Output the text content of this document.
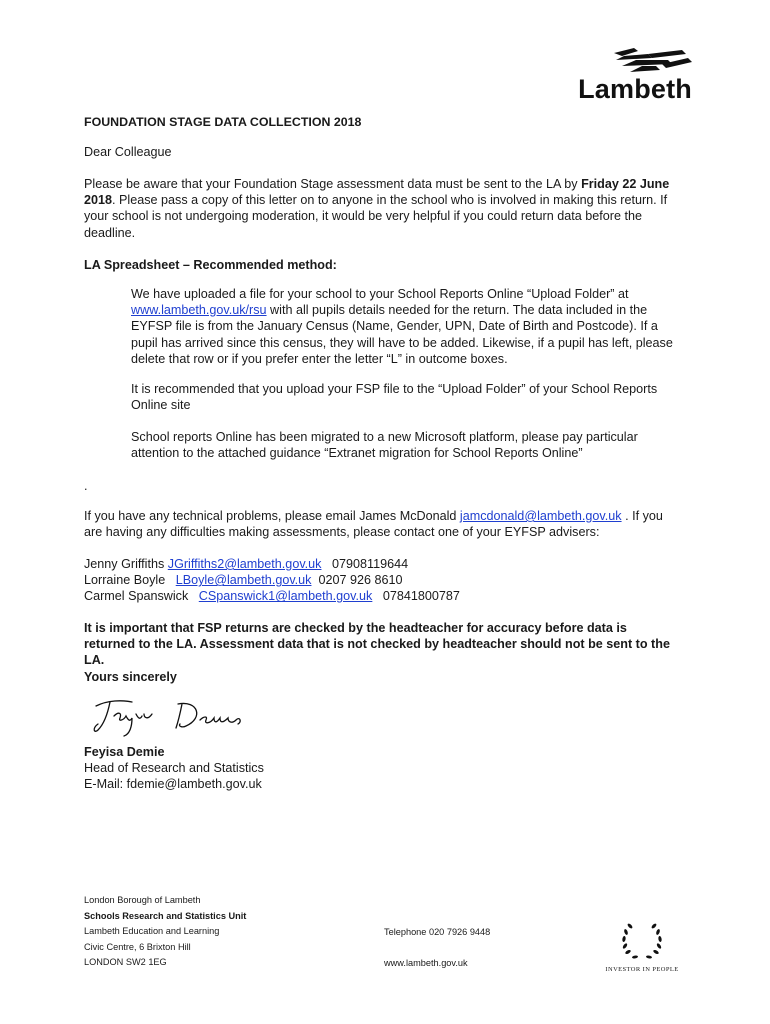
Lambeth
FOUNDATION STAGE DATA COLLECTION 2018
Dear Colleague
Please be aware that your Foundation Stage assessment data must be sent to the LA by Friday 22 June 2018. Please pass a copy of this letter on to anyone in the school who is involved in making this return. If your school is not undergoing moderation, it would be very helpful if you could return data before the deadline.
LA Spreadsheet – Recommended method:
We have uploaded a file for your school to your School Reports Online “Upload Folder” at www.lambeth.gov.uk/rsu with all pupils details needed for the return. The data included in the EYFSP file is from the January Census (Name, Gender, UPN, Date of Birth and Postcode). If a pupil has arrived since this census, they will have to be added. Likewise, if a pupil has left, please delete that row or if you prefer enter the letter “L” in outcome boxes.
It is recommended that you upload your FSP file to the “Upload Folder” of your School Reports Online site
School reports Online has been migrated to a new Microsoft platform, please pay particular attention to the attached guidance “Extranet migration for School Reports Online”
.
If you have any technical problems, please email James McDonald jamcdonald@lambeth.gov.uk . If you are having any difficulties making assessments, please contact one of your EYFSP advisers:
Jenny Griffiths JGriffiths2@lambeth.gov.uk 07908119644
Lorraine Boyle LBoyle@lambeth.gov.uk 0207 926 8610
Carmel Spanswick CSpanswick1@lambeth.gov.uk 07841800787
It is important that FSP returns are checked by the headteacher for accuracy before data is returned to the LA. Assessment data that is not checked by headteacher should not be sent to the LA.
Yours sincerely
Feyisa Demie
Head of Research and Statistics
E-Mail: fdemie@lambeth.gov.uk
London Borough of Lambeth
Schools Research and Statistics Unit
Lambeth Education and Learning
Civic Centre, 6 Brixton Hill
LONDON SW2 1EG
Telephone 020 7926 9448
www.lambeth.gov.uk
INVESTOR IN PEOPLE
